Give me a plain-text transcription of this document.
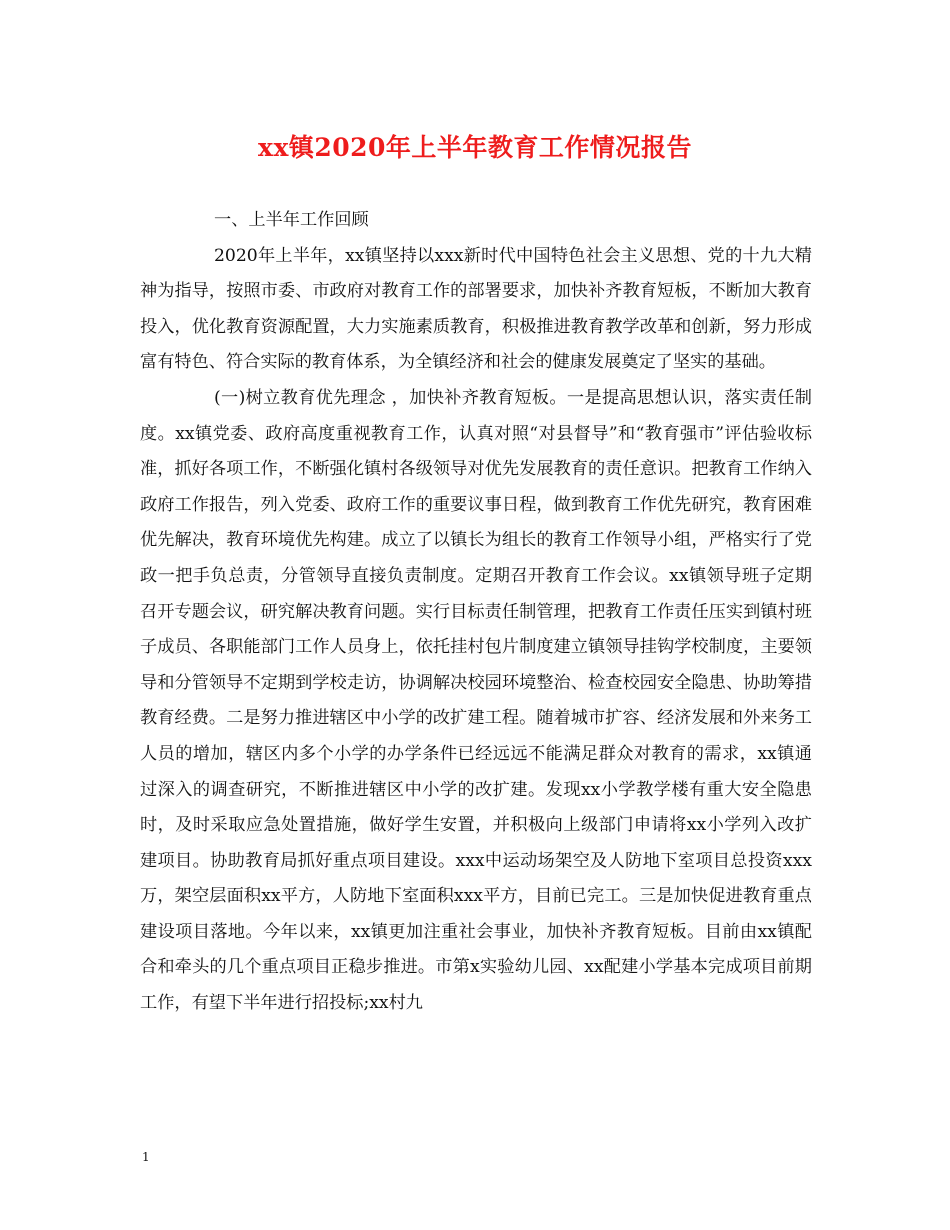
xx镇2020年上半年教育工作情况报告

一、上半年工作回顾

2020年上半年，xx镇坚持以xxx新时代中国特色社会主义思想、党的十九大精神为指导，按照市委、市政府对教育工作的部署要求，加快补齐教育短板，不断加大教育投入，优化教育资源配置，大力实施素质教育，积极推进教育教学改革和创新，努力形成富有特色、符合实际的教育体系，为全镇经济和社会的健康发展奠定了坚实的基础。

(一)树立教育优先理念 ，加快补齐教育短板。一是提高思想认识，落实责任制度。xx镇党委、政府高度重视教育工作，认真对照“对县督导”和“教育强市”评估验收标准，抓好各项工作，不断强化镇村各级领导对优先发展教育的责任意识。把教育工作纳入政府工作报告，列入党委、政府工作的重要议事日程，做到教育工作优先研究，教育困难优先解决，教育环境优先构建。成立了以镇长为组长的教育工作领导小组，严格实行了党政一把手负总责，分管领导直接负责制度。定期召开教育工作会议。xx镇领导班子定期召开专题会议，研究解决教育问题。实行目标责任制管理，把教育工作责任压实到镇村班子成员、各职能部门工作人员身上，依托挂村包片制度建立镇领导挂钩学校制度，主要领导和分管领导不定期到学校走访，协调解决校园环境整治、检查校园安全隐患、协助筹措教育经费。二是努力推进辖区中小学的改扩建工程。随着城市扩容、经济发展和外来务工人员的增加，辖区内多个小学的办学条件已经远远不能满足群众对教育的需求，xx镇通过深入的调查研究，不断推进辖区中小学的改扩建。发现xx小学教学楼有重大安全隐患时，及时采取应急处置措施，做好学生安置，并积极向上级部门申请将xx小学列入改扩建项目。协助教育局抓好重点项目建设。xxx中运动场架空及人防地下室项目总投资xxx万，架空层面积xx平方，人防地下室面积xxx平方，目前已完工。三是加快促进教育重点建设项目落地。今年以来，xx镇更加注重社会事业，加快补齐教育短板。目前由xx镇配合和牵头的几个重点项目正稳步推进。市第x实验幼儿园、xx配建小学基本完成项目前期工作，有望下半年进行招投标;xx村九

1
